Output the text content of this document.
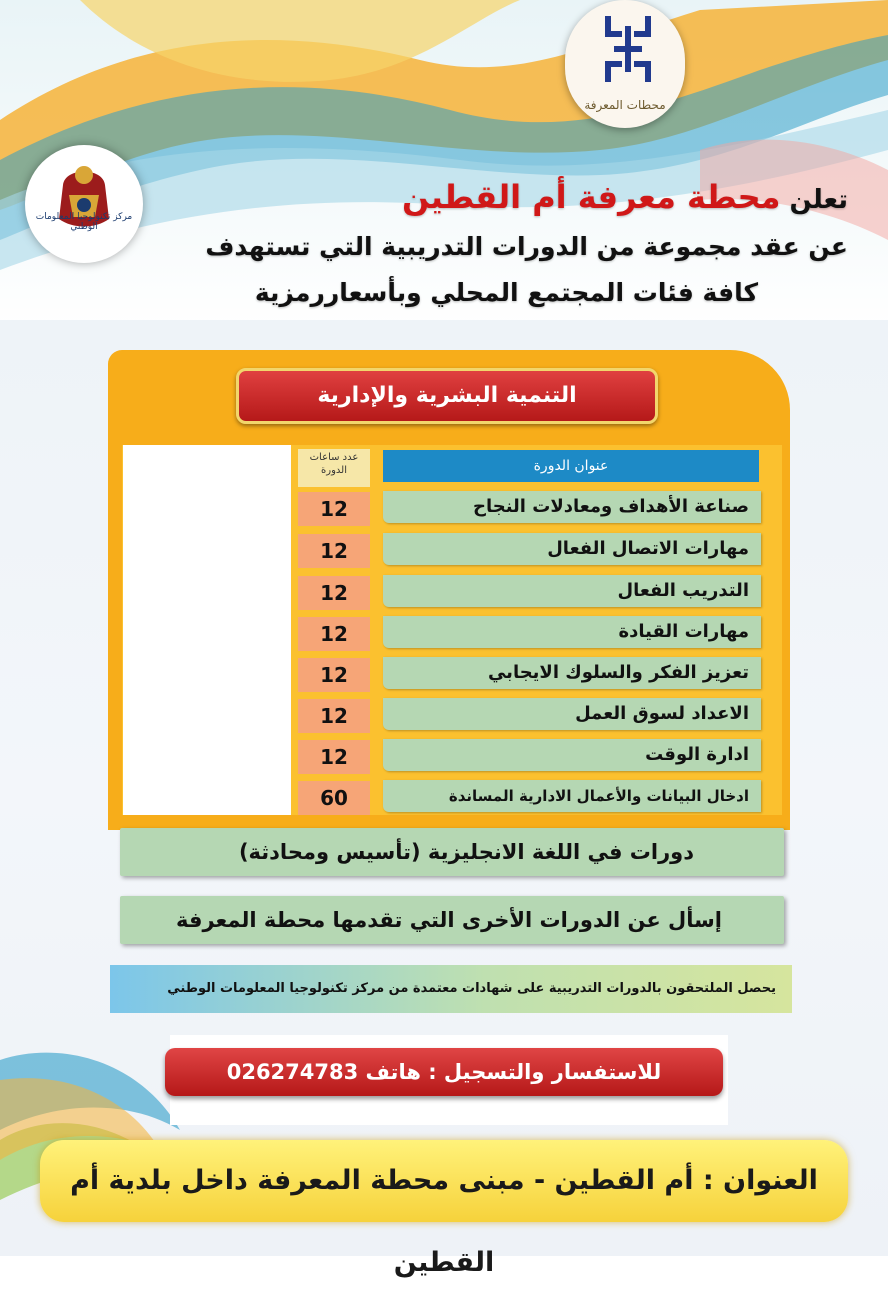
محطات المعرفة
مركز تكنولوجيا المعلومات الوطني
تعلن محطة معرفة أم القطين
عن عقد مجموعة من الدورات التدريبية التي تستهدف
كافة فئات المجتمع المحلي وبأسعاررمزية
التنمية البشرية والإدارية
عدد ساعات الدورة	عنوان الدورة
صناعة الأهداف ومعادلات النجاح
12
مهارات الاتصال الفعال
12
التدريب الفعال
12
مهارات القيادة
12
تعزيز الفكر والسلوك الايجابي
12
الاعداد لسوق العمل
12
ادارة الوقت
12
ادخال البيانات والأعمال الادارية المساندة
60
دورات في اللغة الانجليزية (تأسيس ومحادثة)
إسأل عن الدورات الأخرى التي تقدمها محطة المعرفة
يحصل الملتحقون بالدورات التدريبية على شهادات معتمدة من مركز تكنولوجيا المعلومات الوطني
للاستفسار والتسجيل : هاتف 026274783
العنوان : أم القطين - مبنى محطة المعرفة داخل بلدية أم القطين
